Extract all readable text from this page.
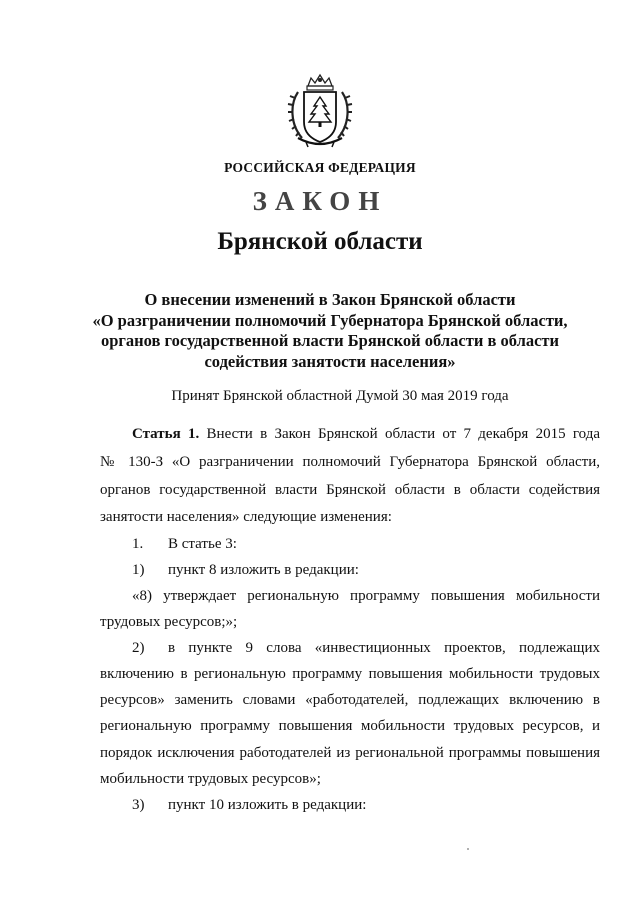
РОССИЙСКАЯ ФЕДЕРАЦИЯ
ЗАКОН
Брянской области
О внесении изменений в Закон Брянской области
«О разграничении полномочий Губернатора Брянской области,
органов государственной власти Брянской области в области
содействия занятости населения»
Принят Брянской областной Думой 30 мая 2019 года
Статья 1. Внести в Закон Брянской области от 7 декабря 2015 года
№ 130-З «О разграничении полномочий Губернатора Брянской области,
органов государственной власти Брянской области в области содействия
занятости населения» следующие изменения:
1. В статье 3:
1) пункт 8 изложить в редакции:
«8) утверждает региональную программу повышения мобильности
трудовых ресурсов;»;
2) в пункте 9 слова «инвестиционных проектов, подлежащих
включению в региональную программу повышения мобильности трудовых
ресурсов» заменить словами «работодателей, подлежащих включению в
региональную программу повышения мобильности трудовых ресурсов, и
порядок исключения работодателей из региональной программы повышения
мобильности трудовых ресурсов»;
3) пункт 10 изложить в редакции:
